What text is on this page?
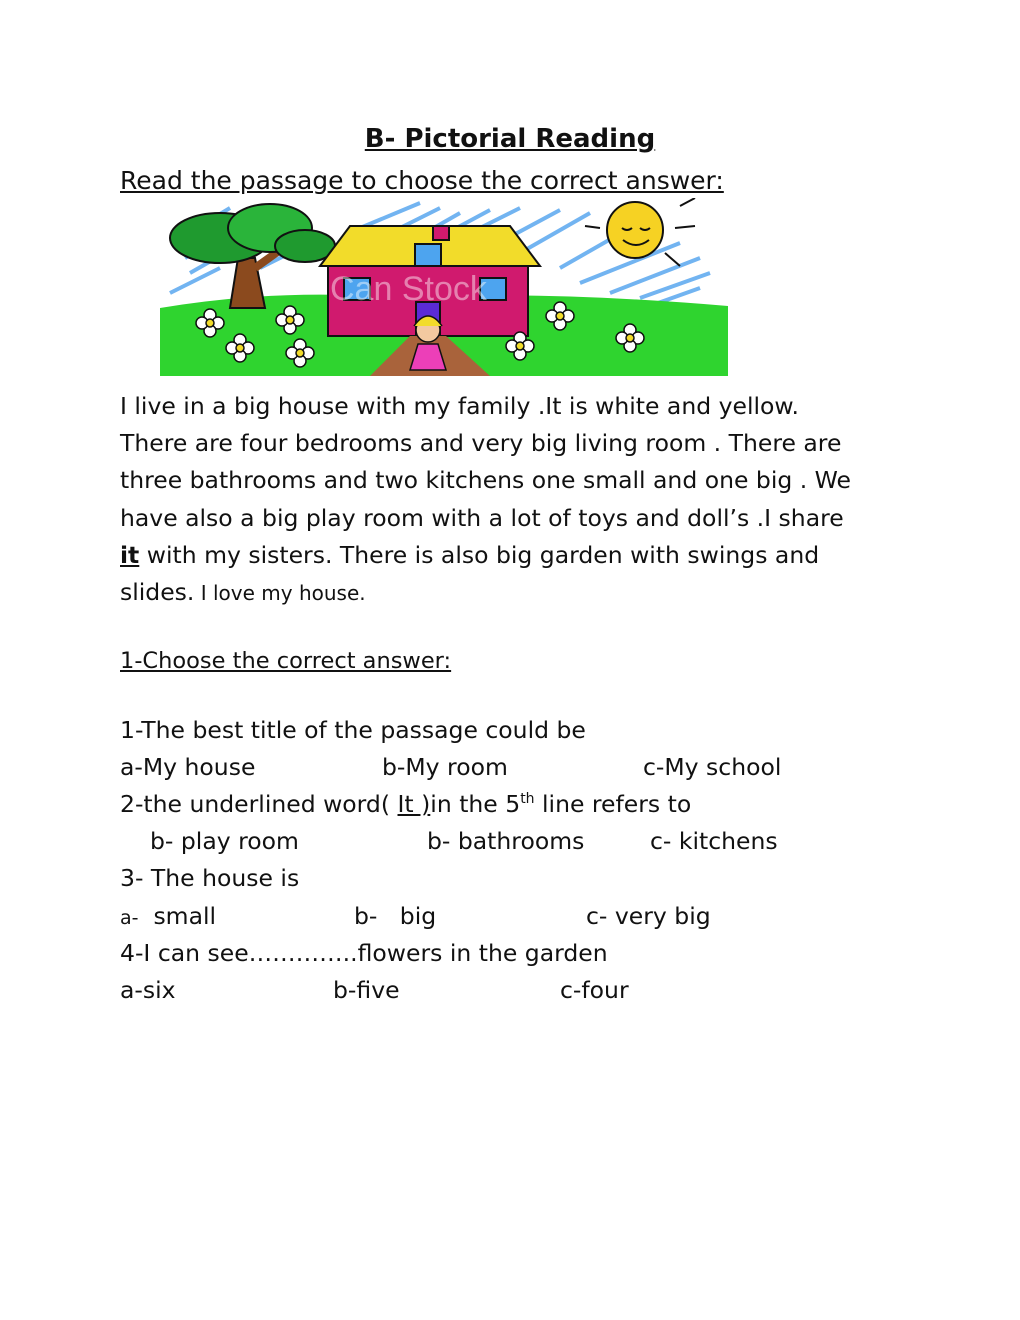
B- Pictorial Reading
Read the passage to choose the correct answer:
Can Stock
I live in a big house with my family .It is white and yellow.
There are four bedrooms and very big living room . There are
three bathrooms and two kitchens one small and one big . We
have also a big play room with a lot of toys and doll’s .I share
it with my sisters. There is also big garden with swings and
slides. I love my house.
1-Choose the correct answer:
1-The best title of the passage could be
a-My house	b-My room	c-My school
2-the underlined word( It )in the 5th line refers to
b- play room	b- bathrooms	c- kitchens
3- The house is
a-  small	b-   big	c- very big
4-I can see…………..flowers in the garden
a-six	b-five	c-four
